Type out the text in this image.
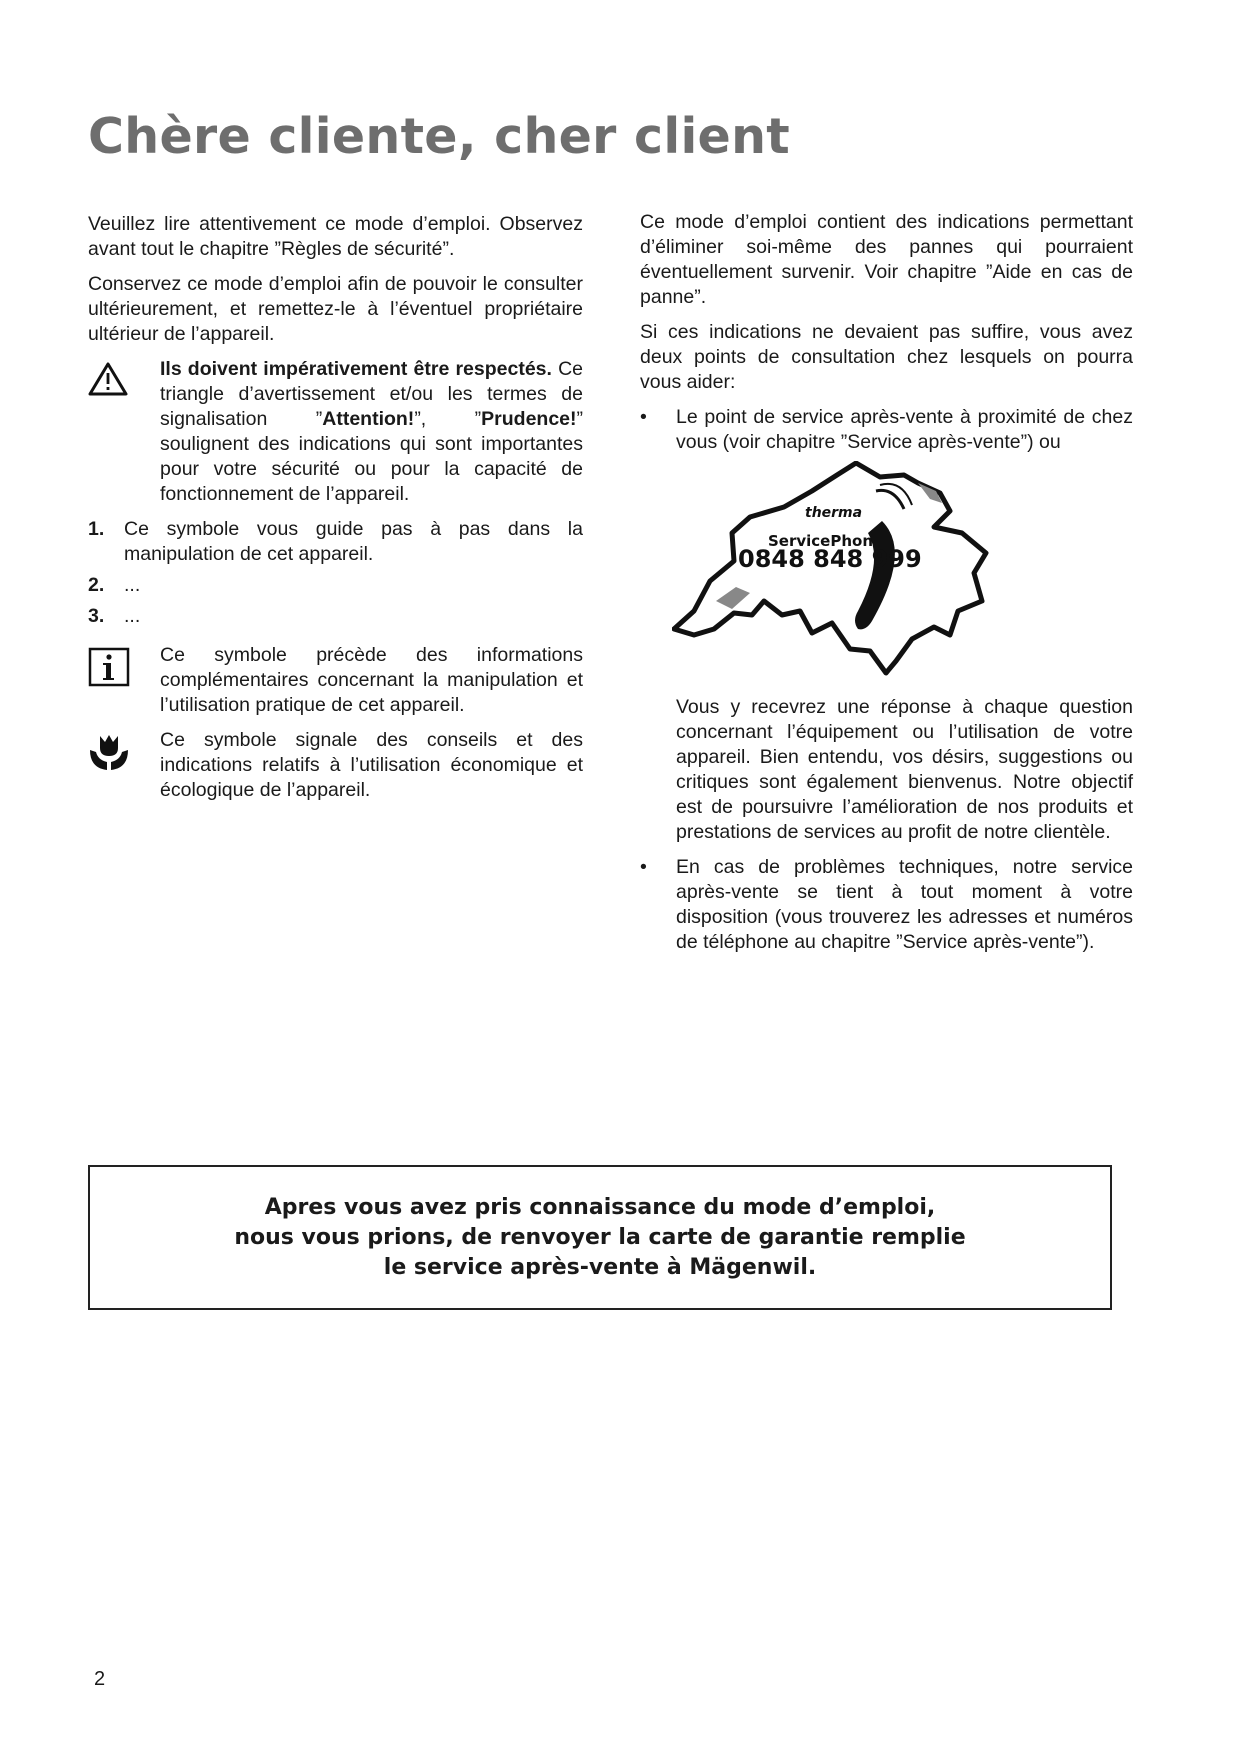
Chère cliente, cher client

Veuillez lire attentivement ce mode d’emploi. Observez avant tout le chapitre ”Règles de sécurité”.

Conservez ce mode d’emploi afin de pouvoir le consulter ultérieurement, et remettez-le à l’éventuel propriétaire ultérieur de l’appareil.

Ils doivent impérativement être respectés. Ce triangle d’avertissement et/ou les termes de signalisation ”Attention!”, ”Prudence!” soulignent des indications qui sont importantes pour votre sécurité ou pour la capacité de fonctionnement de l’appareil.
1.	Ce symbole vous guide pas à pas dans la manipulation de cet appareil.
2.	...
3.	...
Ce symbole précède des informations complémentaires concernant la manipulation et l’utilisation pratique de cet appareil.
Ce symbole signale des conseils et des indications relatifs à l’utilisation économique et écologique de l’appareil.

Ce mode d’emploi contient des indications permettant d’éliminer soi-même des pannes qui pourraient éventuellement survenir. Voir chapitre ”Aide en cas de panne”.

Si ces indications ne devaient pas suffire, vous avez deux points de consultation chez lesquels on pourra vous aider:

•	Le point de service après-vente à proximité de chez vous (voir chapitre ”Service après-vente”) ou
therma
ServicePhon
0848 848 999
Vous y recevrez une réponse à chaque question concernant l’équipement ou l’utilisation de votre appareil. Bien entendu, vos désirs, suggestions ou critiques sont également bienvenus. Notre objectif est de poursuivre l’amélioration de nos produits et prestations de services au profit de notre clientèle.
•	En cas de problèmes techniques, notre service après-vente se tient à tout moment à votre disposition (vous trouverez les adresses et numéros de téléphone au chapitre ”Service après-vente”).
Apres vous avez pris connaissance du mode d’emploi,
nous vous prions, de renvoyer la carte de garantie remplie
le service après-vente à Mägenwil.
2
